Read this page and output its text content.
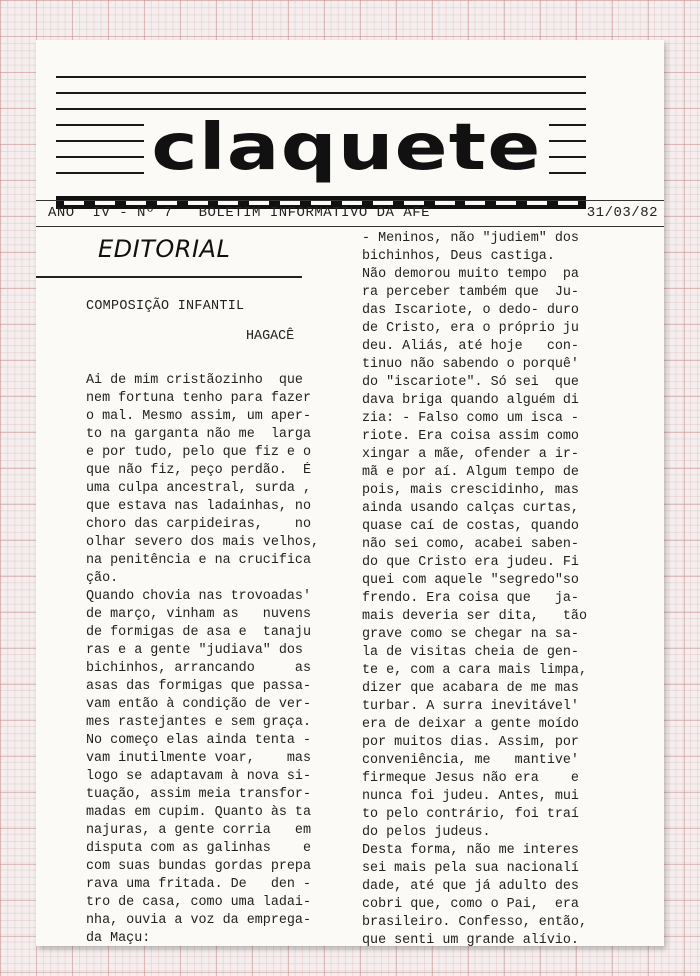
claquete
ANO  IV - Nº 7 BOLETIM INFORMATIVO DA AFE	31/03/82
EDITORIAL
COMPOSIÇÃO INFANTIL
HAGACÊ
Ai de mim cristãozinho  que
nem fortuna tenho para fazer
o mal. Mesmo assim, um aper-
to na garganta não me  larga
e por tudo, pelo que fiz e o
que não fiz, peço perdão.  É
uma culpa ancestral, surda ,
que estava nas ladainhas, no
choro das carpideiras,    no
olhar severo dos mais velhos,
na penitência e na crucifica
ção.
Quando chovia nas trovoadas'
de março, vinham as   nuvens
de formigas de asa e  tanaju
ras e a gente "judiava" dos
bichinhos, arrancando     as
asas das formigas que passa-
vam então à condição de ver-
mes rastejantes e sem graça.
No começo elas ainda tenta -
vam inutilmente voar,    mas
logo se adaptavam à nova si-
tuação, assim meia transfor-
madas em cupim. Quanto às ta
najuras, a gente corria   em
disputa com as galinhas    e
com suas bundas gordas prepa
rava uma fritada. De   den -
tro de casa, como uma ladai-
nha, ouvia a voz da emprega-
da Maçu:
- Meninos, não "judiem" dos
bichinhos, Deus castiga.
Não demorou muito tempo  pa
ra perceber também que  Ju-
das Iscariote, o dedo- duro
de Cristo, era o próprio ju
deu. Aliás, até hoje   con-
tinuo não sabendo o porquê'
do "iscariote". Só sei  que
dava briga quando alguém di
zia: - Falso como um isca -
riote. Era coisa assim como
xingar a mãe, ofender a ir-
mã e por aí. Algum tempo de
pois, mais crescidinho, mas
ainda usando calças curtas,
quase caí de costas, quando
não sei como, acabei saben-
do que Cristo era judeu. Fi
quei com aquele "segredo"so
frendo. Era coisa que   ja-
mais deveria ser dita,   tão
grave como se chegar na sa-
la de visitas cheia de gen-
te e, com a cara mais limpa,
dizer que acabara de me mas
turbar. A surra inevitável'
era de deixar a gente moído
por muitos dias. Assim, por
conveniência, me   mantive'
firmeque Jesus não era    e
nunca foi judeu. Antes, mui
to pelo contrário, foi traí
do pelos judeus.
Desta forma, não me interes
sei mais pela sua nacionalí
dade, até que já adulto des
cobri que, como o Pai,  era
brasileiro. Confesso, então,
que senti um grande alívio.
